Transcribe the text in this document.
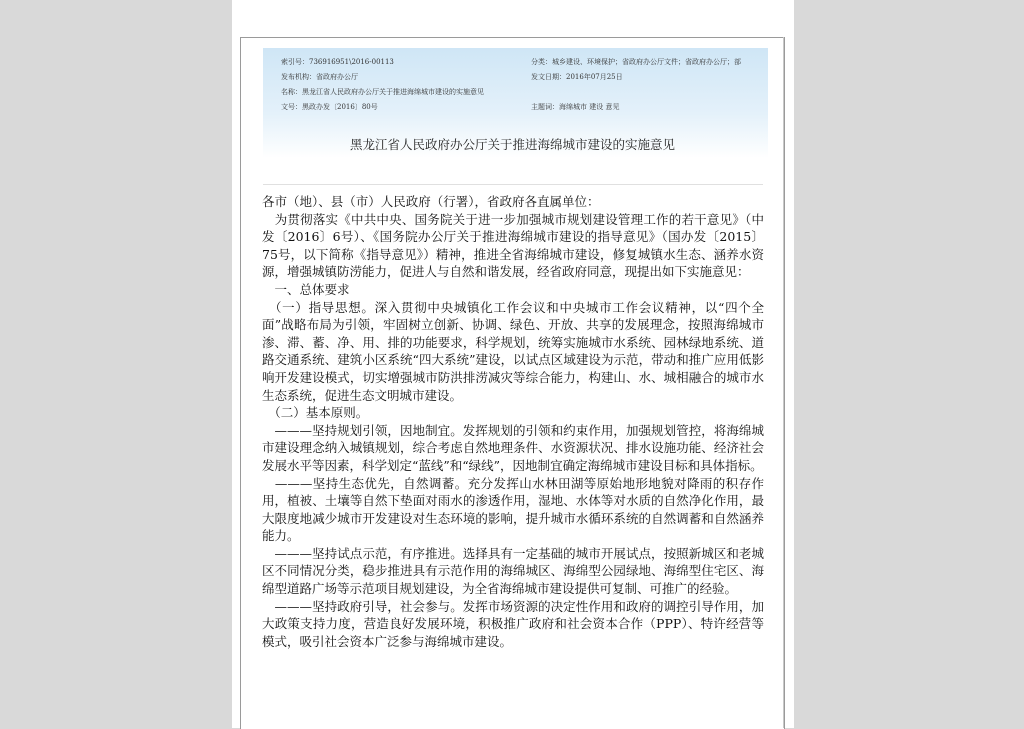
索引号：736916951\2016-00113	分类：城乡建设、环境保护；省政府办公厅文件；省政府办公厅；部
发布机构：省政府办公厅	发文日期：2016年07月25日
名称：黑龙江省人民政府办公厅关于推进海绵城市建设的实施意见
文号：黑政办发〔2016〕80号	主题词：海绵城市 建设 意见
黑龙江省人民政府办公厅关于推进海绵城市建设的实施意见

各市（地）、县（市）人民政府（行署），省政府各直属单位：

　为贯彻落实《中共中央、国务院关于进一步加强城市规划建设管理工作的若干意见》（中发〔2016〕6号）、《国务院办公厅关于推进海绵城市建设的指导意见》（国办发〔2015〕75号，以下简称《指导意见》）精神，推进全省海绵城市建设，修复城镇水生态、涵养水资源，增强城镇防涝能力，促进人与自然和谐发展，经省政府同意，现提出如下实施意见：

　一、总体要求

　（一）指导思想。深入贯彻中央城镇化工作会议和中央城市工作会议精神，以“四个全面”战略布局为引领，牢固树立创新、协调、绿色、开放、共享的发展理念，按照海绵城市渗、滞、蓄、净、用、排的功能要求，科学规划，统筹实施城市水系统、园林绿地系统、道路交通系统、建筑小区系统“四大系统”建设，以试点区域建设为示范，带动和推广应用低影响开发建设模式，切实增强城市防洪排涝减灾等综合能力，构建山、水、城相融合的城市水生态系统，促进生态文明城市建设。

　（二）基本原则。

　———坚持规划引领，因地制宜。发挥规划的引领和约束作用，加强规划管控，将海绵城市建设理念纳入城镇规划，综合考虑自然地理条件、水资源状况、排水设施功能、经济社会发展水平等因素，科学划定“蓝线”和“绿线”，因地制宜确定海绵城市建设目标和具体指标。

　———坚持生态优先，自然调蓄。充分发挥山水林田湖等原始地形地貌对降雨的积存作用，植被、土壤等自然下垫面对雨水的渗透作用，湿地、水体等对水质的自然净化作用，最大限度地减少城市开发建设对生态环境的影响，提升城市水循环系统的自然调蓄和自然涵养能力。

　———坚持试点示范，有序推进。选择具有一定基础的城市开展试点，按照新城区和老城区不同情况分类，稳步推进具有示范作用的海绵城区、海绵型公园绿地、海绵型住宅区、海绵型道路广场等示范项目规划建设，为全省海绵城市建设提供可复制、可推广的经验。

　———坚持政府引导，社会参与。发挥市场资源的决定性作用和政府的调控引导作用，加大政策支持力度，营造良好发展环境，积极推广政府和社会资本合作（PPP）、特许经营等模式，吸引社会资本广泛参与海绵城市建设。
